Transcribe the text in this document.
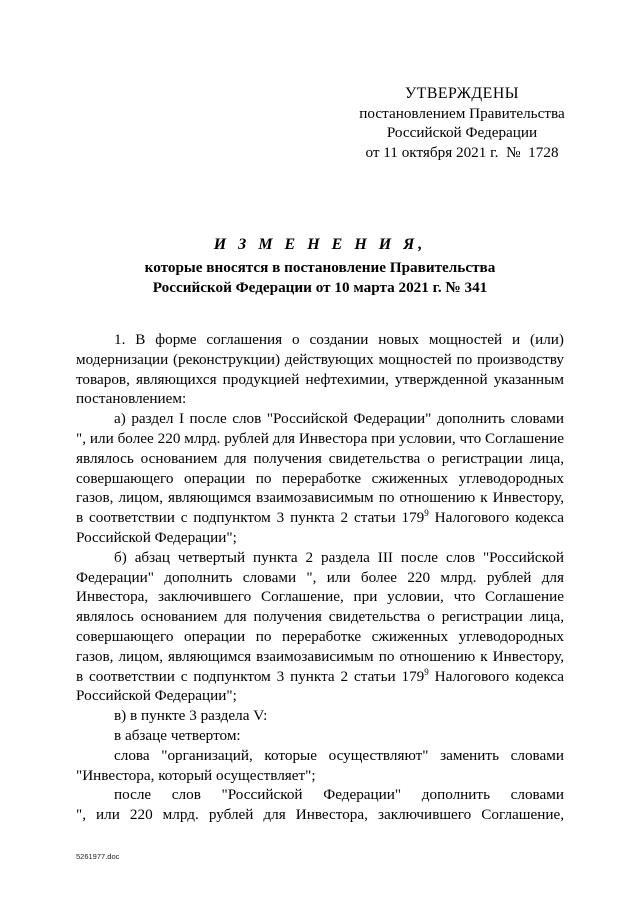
УТВЕРЖДЕНЫ
постановлением Правительства
Российской Федерации
от 11 октября 2021 г.  №  1728
И З М Е Н Е Н И Я,
которые вносятся в постановление Правительства
Российской Федерации от 10 марта 2021 г. № 341
1. В форме соглашения о создании новых мощностей и (или)
модернизации (реконструкции) действующих мощностей по производству
товаров, являющихся продукцией нефтехимии, утвержденной указанным
постановлением:
а) раздел I после слов "Российской Федерации" дополнить словами
", или более 220 млрд. рублей для Инвестора при условии, что Соглашение
являлось основанием для получения свидетельства о регистрации лица,
совершающего операции по переработке сжиженных углеводородных
газов, лицом, являющимся взаимозависимым по отношению к Инвестору,
в соответствии с подпунктом 3 пункта 2 статьи $179^9$ Налогового кодекса
Российской Федерации";
б) абзац четвертый пункта 2 раздела III после слов "Российской
Федерации" дополнить словами ", или более 220 млрд. рублей для
Инвестора, заключившего Соглашение, при условии, что Соглашение
являлось основанием для получения свидетельства о регистрации лица,
совершающего операции по переработке сжиженных углеводородных
газов, лицом, являющимся взаимозависимым по отношению к Инвестору,
в соответствии с подпунктом 3 пункта 2 статьи $179^9$ Налогового кодекса
Российской Федерации";
в) в пункте 3 раздела V:
в абзаце четвертом:
слова "организаций, которые осуществляют" заменить словами
"Инвестора, который осуществляет";
после слов "Российской Федерации" дополнить словами
", или 220 млрд. рублей для Инвестора, заключившего Соглашение,
5261977.doc
